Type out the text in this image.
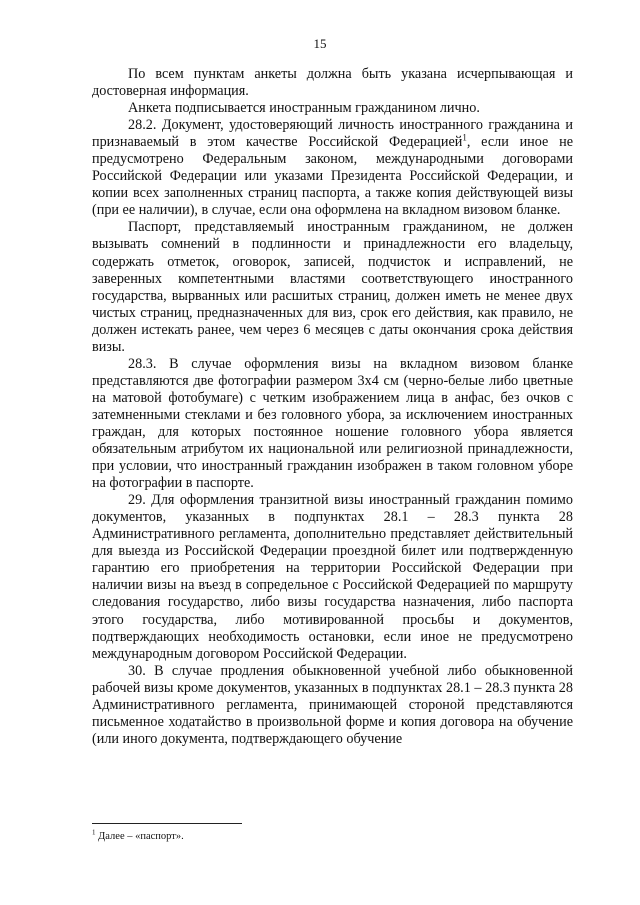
15

По всем пунктам анкеты должна быть указана исчерпывающая и достоверная информация.

Анкета подписывается иностранным гражданином лично.

28.2. Документ, удостоверяющий личность иностранного гражданина и признаваемый в этом качестве Российской Федерацией$^1$, если иное не предусмотрено Федеральным законом, международными договорами Российской Федерации или указами Президента Российской Федерации, и копии всех заполненных страниц паспорта, а также копия действующей визы (при ее наличии), в случае, если она оформлена на вкладном визовом бланке.

Паспорт, представляемый иностранным гражданином, не должен вызывать сомнений в подлинности и принадлежности его владельцу, содержать отметок, оговорок, записей, подчисток и исправлений, не заверенных компетентными властями соответствующего иностранного государства, вырванных или расшитых страниц, должен иметь не менее двух чистых страниц, предназначенных для виз, срок его действия, как правило, не должен истекать ранее, чем через 6 месяцев с даты окончания срока действия визы.

28.3. В случае оформления визы на вкладном визовом бланке представляются две фотографии размером 3х4 см (черно-белые либо цветные на матовой фотобумаге) с четким изображением лица в анфас, без очков с затемненными стеклами и без головного убора, за исключением иностранных граждан, для которых постоянное ношение головного убора является обязательным атрибутом их национальной или религиозной принадлежности, при условии, что иностранный гражданин изображен в таком головном уборе на фотографии в паспорте.

29. Для оформления транзитной визы иностранный гражданин помимо документов, указанных в подпунктах 28.1 – 28.3 пункта 28 Административного регламента, дополнительно представляет действительный для выезда из Российской Федерации проездной билет или подтвержденную гарантию его приобретения на территории Российской Федерации при наличии визы на въезд в сопредельное с Российской Федерацией по маршруту следования государство, либо визы государства назначения, либо паспорта этого государства, либо мотивированной просьбы и документов, подтверждающих необходимость остановки, если иное не предусмотрено международным договором Российской Федерации.

30. В случае продления обыкновенной учебной либо обыкновенной рабочей визы кроме документов, указанных в подпунктах 28.1 – 28.3 пункта 28 Административного регламента, принимающей стороной представляются письменное ходатайство в произвольной форме и копия договора на обучение (или иного документа, подтверждающего обучение

$^1$ Далее – «паспорт».
